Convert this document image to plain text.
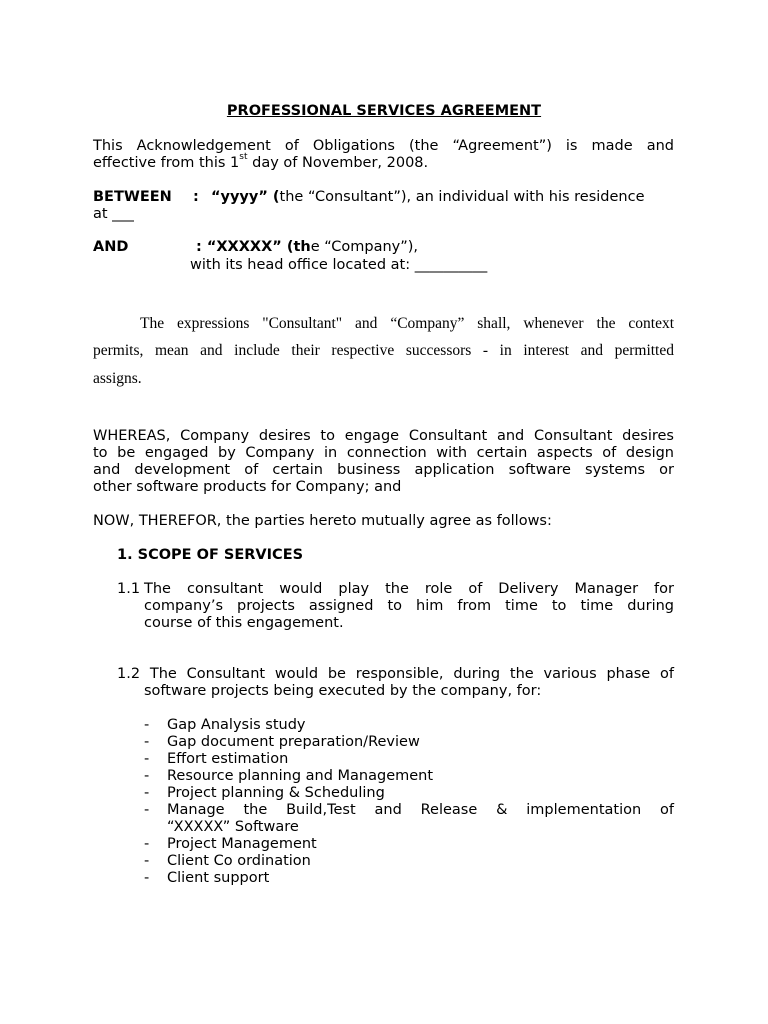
PROFESSIONAL SERVICES AGREEMENT
This Acknowledgement of Obligations (the “Agreement”) is made and
effective from this 1st day of November, 2008.
BETWEEN : “yyyy” (the “Consultant”), an individual with his residence
at ___
AND	: “XXXXX” (the “Company”),
with its head office located at: __________
The expressions "Consultant" and “Company” shall, whenever the context
permits, mean and include their respective successors - in interest and permitted
assigns.
WHEREAS, Company desires to engage Consultant and Consultant desires
to be engaged by Company in connection with certain aspects of design
and development of certain business application software systems or
other software products for Company; and
NOW, THEREFOR, the parties hereto mutually agree as follows:
1. SCOPE OF SERVICES
1.1 The consultant would play the role of Delivery Manager for
company’s projects assigned to him from time to time during
course of this engagement.
1.2 The Consultant would be responsible, during the various phase of
software projects being executed by the company, for:
- Gap Analysis study
- Gap document preparation/Review
- Effort estimation
- Resource planning and Management
- Project planning & Scheduling
- Manage the Build,Test and Release & implementation of
“XXXXX” Software
- Project Management
- Client Co ordination
- Client support
